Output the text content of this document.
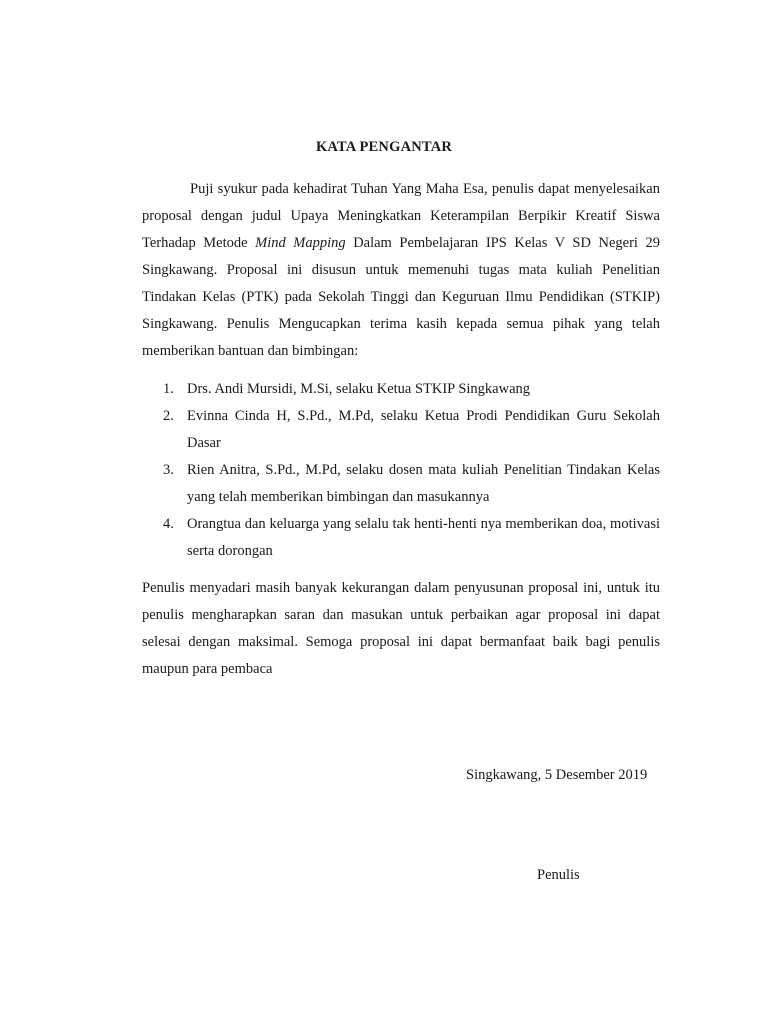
KATA PENGANTAR
Puji syukur pada kehadirat Tuhan Yang Maha Esa, penulis dapat menyelesaikan proposal dengan judul Upaya Meningkatkan Keterampilan Berpikir Kreatif Siswa Terhadap Metode Mind Mapping Dalam Pembelajaran IPS Kelas V SD Negeri 29 Singkawang. Proposal ini disusun untuk memenuhi tugas mata kuliah Penelitian Tindakan Kelas (PTK) pada Sekolah Tinggi dan Keguruan Ilmu Pendidikan (STKIP) Singkawang. Penulis Mengucapkan terima kasih kepada semua pihak yang telah memberikan bantuan dan bimbingan:
1. Drs. Andi Mursidi, M.Si, selaku Ketua STKIP Singkawang
2. Evinna Cinda H, S.Pd., M.Pd, selaku Ketua Prodi Pendidikan Guru Sekolah Dasar
3. Rien Anitra, S.Pd., M.Pd, selaku dosen mata kuliah Penelitian Tindakan Kelas yang telah memberikan bimbingan dan masukannya
4. Orangtua dan keluarga yang selalu tak henti-henti nya memberikan doa, motivasi serta dorongan
Penulis menyadari masih banyak kekurangan dalam penyusunan proposal ini, untuk itu penulis mengharapkan saran dan masukan untuk perbaikan agar proposal ini dapat selesai dengan maksimal. Semoga proposal ini dapat bermanfaat baik bagi penulis maupun para pembaca
Singkawang, 5 Desember 2019
Penulis
